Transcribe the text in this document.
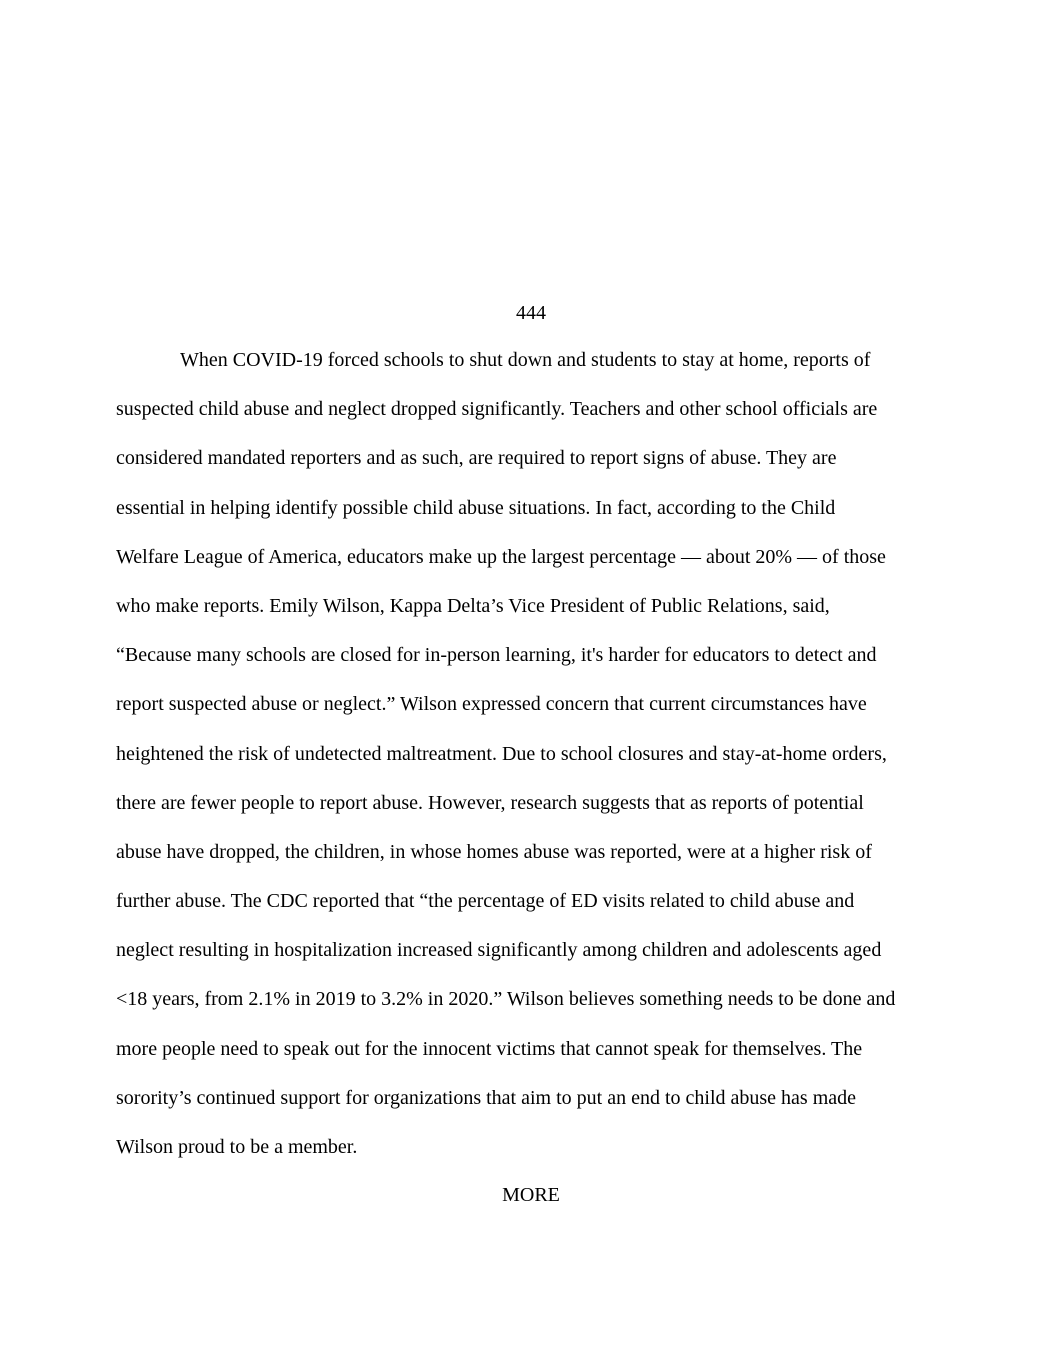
444
When COVID-19 forced schools to shut down and students to stay at home, reports of
suspected child abuse and neglect dropped significantly. Teachers and other school officials are
considered mandated reporters and as such, are required to report signs of abuse. They are
essential in helping identify possible child abuse situations. In fact, according to the Child
Welfare League of America, educators make up the largest percentage — about 20% — of those
who make reports. Emily Wilson, Kappa Delta’s Vice President of Public Relations, said,
“Because many schools are closed for in-person learning, it's harder for educators to detect and
report suspected abuse or neglect.” Wilson expressed concern that current circumstances have
heightened the risk of undetected maltreatment. Due to school closures and stay-at-home orders,
there are fewer people to report abuse. However, research suggests that as reports of potential
abuse have dropped, the children, in whose homes abuse was reported, were at a higher risk of
further abuse. The CDC reported that “the percentage of ED visits related to child abuse and
neglect resulting in hospitalization increased significantly among children and adolescents aged
<18 years, from 2.1% in 2019 to 3.2% in 2020.” Wilson believes something needs to be done and
more people need to speak out for the innocent victims that cannot speak for themselves. The
sorority’s continued support for organizations that aim to put an end to child abuse has made
Wilson proud to be a member.
MORE
